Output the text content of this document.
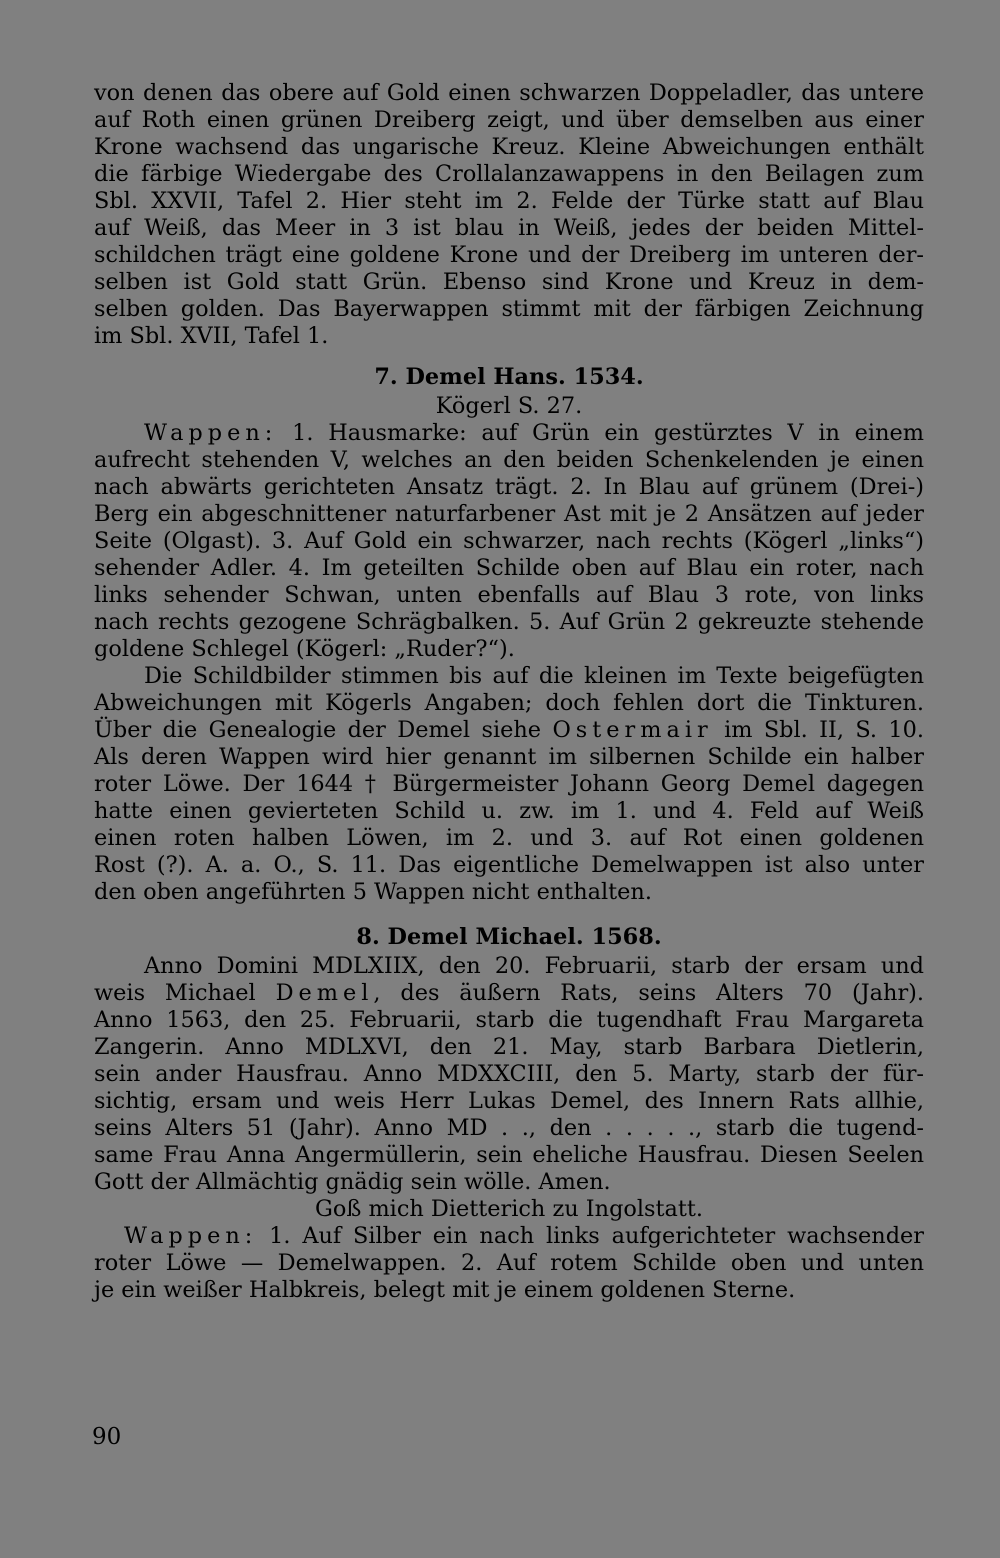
von denen das obere auf Gold einen schwarzen Doppeladler, das untere
auf Roth einen grünen Dreiberg zeigt, und über demselben aus einer
Krone wachsend das ungarische Kreuz. Kleine Abweichungen enthält
die färbige Wiedergabe des Crollalanzawappens in den Beilagen zum
Sbl. XXVII, Tafel 2. Hier steht im 2. Felde der Türke statt auf Blau
auf Weiß, das Meer in 3 ist blau in Weiß, jedes der beiden Mittel-
schildchen trägt eine goldene Krone und der Dreiberg im unteren der-
selben ist Gold statt Grün. Ebenso sind Krone und Kreuz in dem-
selben golden. Das Bayerwappen stimmt mit der färbigen Zeichnung
im Sbl. XVII, Tafel 1.
7. Demel Hans. 1534.
Kögerl S. 27.
Wappen: 1. Hausmarke: auf Grün ein gestürztes V in einem
aufrecht stehenden V, welches an den beiden Schenkelenden je einen
nach abwärts gerichteten Ansatz trägt. 2. In Blau auf grünem (Drei-)
Berg ein abgeschnittener naturfarbener Ast mit je 2 Ansätzen auf jeder
Seite (Olgast). 3. Auf Gold ein schwarzer, nach rechts (Kögerl „links“)
sehender Adler. 4. Im geteilten Schilde oben auf Blau ein roter, nach
links sehender Schwan, unten ebenfalls auf Blau 3 rote, von links
nach rechts gezogene Schrägbalken. 5. Auf Grün 2 gekreuzte stehende
goldene Schlegel (Kögerl: „Ruder?“).
Die Schildbilder stimmen bis auf die kleinen im Texte beigefügten
Abweichungen mit Kögerls Angaben; doch fehlen dort die Tinkturen.
Über die Genealogie der Demel siehe Ostermair im Sbl. II, S. 10.
Als deren Wappen wird hier genannt im silbernen Schilde ein halber
roter Löwe. Der 1644 † Bürgermeister Johann Georg Demel dagegen
hatte einen gevierteten Schild u. zw. im 1. und 4. Feld auf Weiß
einen roten halben Löwen, im 2. und 3. auf Rot einen goldenen
Rost (?). A. a. O., S. 11. Das eigentliche Demelwappen ist also unter
den oben angeführten 5 Wappen nicht enthalten.
8. Demel Michael. 1568.
Anno Domini MDLXIIX, den 20. Februarii, starb der ersam und
weis Michael Demel, des äußern Rats, seins Alters 70 (Jahr).
Anno 1563, den 25. Februarii, starb die tugendhaft Frau Margareta
Zangerin. Anno MDLXVI, den 21. May, starb Barbara Dietlerin,
sein ander Hausfrau. Anno MDXXCIII, den 5. Marty, starb der für-
sichtig, ersam und weis Herr Lukas Demel, des Innern Rats allhie,
seins Alters 51 (Jahr). Anno MD . ., den . . . . ., starb die tugend-
same Frau Anna Angermüllerin, sein eheliche Hausfrau. Diesen Seelen
Gott der Allmächtig gnädig sein wölle. Amen.
Goß mich Dietterich zu Ingolstatt.
Wappen: 1. Auf Silber ein nach links aufgerichteter wachsender
roter Löwe — Demelwappen. 2. Auf rotem Schilde oben und unten
je ein weißer Halbkreis, belegt mit je einem goldenen Sterne.
90
